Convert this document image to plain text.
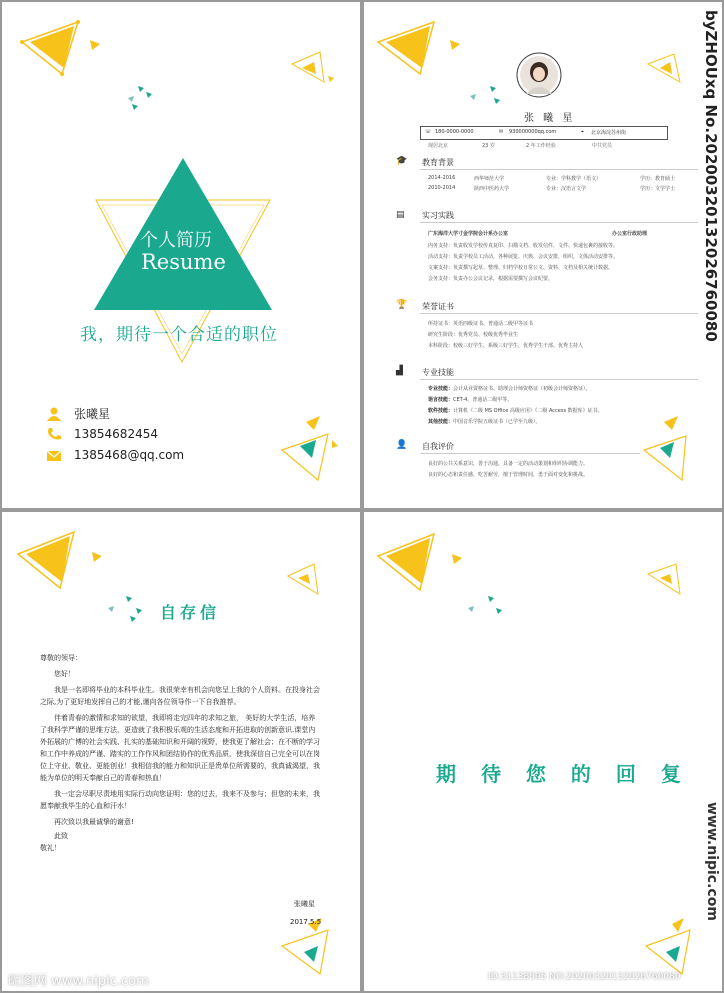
个人简历
Resume
我，期待一个合适的职位
张曦星
13854682454
1385468@qq.com
张 曦 星
☏ 180-0000-0000	✉ 930000000qq.com	⌖ 北京海淀苏州街
现居北京	23 岁	2 年工作经验	中共党员
🎓 教育背景
2014-2016	西华师范大学	专业：学科教学（语文）	学历：教育硕士
2010-2014	陕西中医药大学	专业：汉语言文学	学历：文学学士
▤ 实习实践
广东海洋大学寸金学院会计系办公室	办公室行政助理
内务支持：负责收发学校传真复印、扫描文档、收发信件、文件、快递包裹的接收等。
活动支持：负责学校员工活动，各种展览、庆典、会议安排，组织，文体活动安排等。
文案支持：负责撰写起草、整理、归档学校日常公文、资料、文档及相关统计数据。
会务支持：负责办公会议记录，根据需要撰写会议纪要。
🏆 荣誉证书
所持证书：英语四级证书、普通话二级甲等证书
研究生阶段：优秀党员、校级优秀毕业生
本科阶段：校级三好学生、系级三好学生、优秀学生干部、优秀主持人
▟ 专业技能
专业技能：会计从业资格证书、助理会计师资格证（初级会计师资格证）。
语言技能：CET-4、普通话二级甲等。
软件技能：计算机《二级 MS Office 高级应用》《二级 Access 数据库》证书。
其他技能：中国音乐学院五级证书（已学至九级）。
👤 自我评价
良好的公共关系意识，善于沟通，具备一定的活动策划和组织协调能力。
良好的心态和责任感，吃苦耐劳，擅于管理时间，勇于面对变化和挑战。
byZHOUxq No.20200320132026760080
自存信
尊敬的领导：
您好！
我是一名即将毕业的本科毕业生。我很荣幸有机会向您呈上我的个人资料。在投身社会
之际,为了更好地发挥自己的才能,谨向各位领导作一下自我推荐。
伴着青春的激情和求知的欲望，我即将走完四年的求知之旅， 美好的大学生活，培养
了我科学严谨的思维方法，更造就了我积极乐观的生活态度和开拓进取的创新意识.课堂内
外拓展的广博的社会实践、扎实的基础知识和开阔的视野，使我更了解社会；在不断的学习
和工作中养成的严谨、踏实的工作作风和团结协作的优秀品质，使我深信自己完全可以在岗
位上守业、敬业、更能创业！我相信我的能力和知识正是贵单位所需要的，我真诚渴望，我
能为单位的明天奉献自己的青春和热血！
我一定会尽职尽责地用实际行动向您证明：您的过去，我来不及参与；但您的未来，我
愿奉献我毕生的心血和汗水！
再次致以我最诚挚的谢意!
此致
敬礼！
张曦星
2017.5.5
昵图网 www.nipic.com
期 待 您 的 回 复
www.nipic.com
ID:31138595 NO:20200320132026760080
